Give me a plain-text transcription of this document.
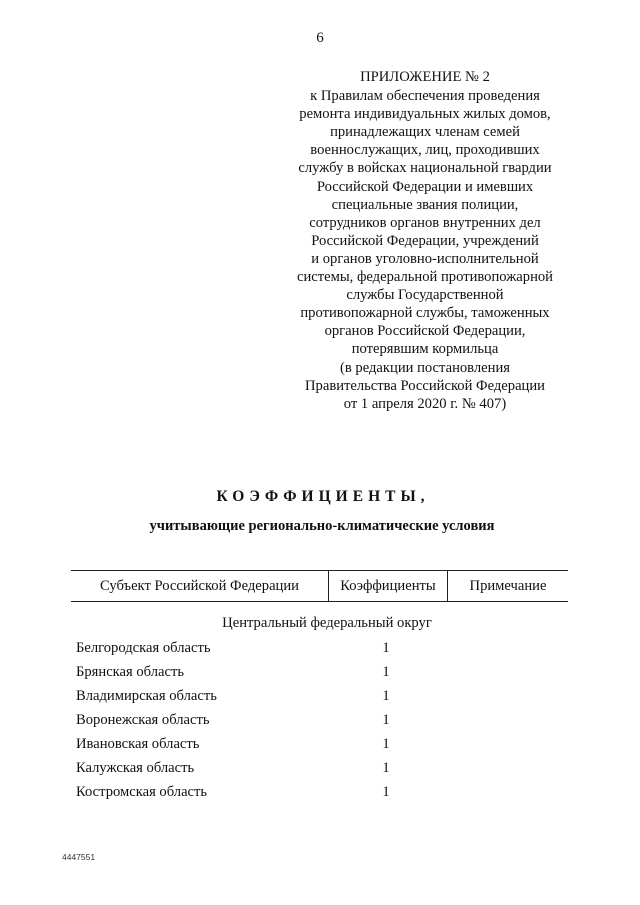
6
ПРИЛОЖЕНИЕ № 2
к Правилам обеспечения проведения
ремонта индивидуальных жилых домов,
принадлежащих членам семей
военнослужащих, лиц, проходивших
службу в войсках национальной гвардии
Российской Федерации и имевших
специальные звания полиции,
сотрудников органов внутренних дел
Российской Федерации, учреждений
и органов уголовно-исполнительной
системы, федеральной противопожарной
службы Государственной
противопожарной службы, таможенных
органов Российской Федерации,
потерявшим кормильца
(в редакции постановления
Правительства Российской Федерации
от 1 апреля 2020 г. № 407)
КОЭФФИЦИЕНТЫ,
учитывающие регионально-климатические условия
Субъект Российской Федерации	Коэффициенты	Примечание
Центральный федеральный округ
Белгородская область	1
Брянская область	1
Владимирская область	1
Воронежская область	1
Ивановская область	1
Калужская область	1
Костромская область	1
4447551
